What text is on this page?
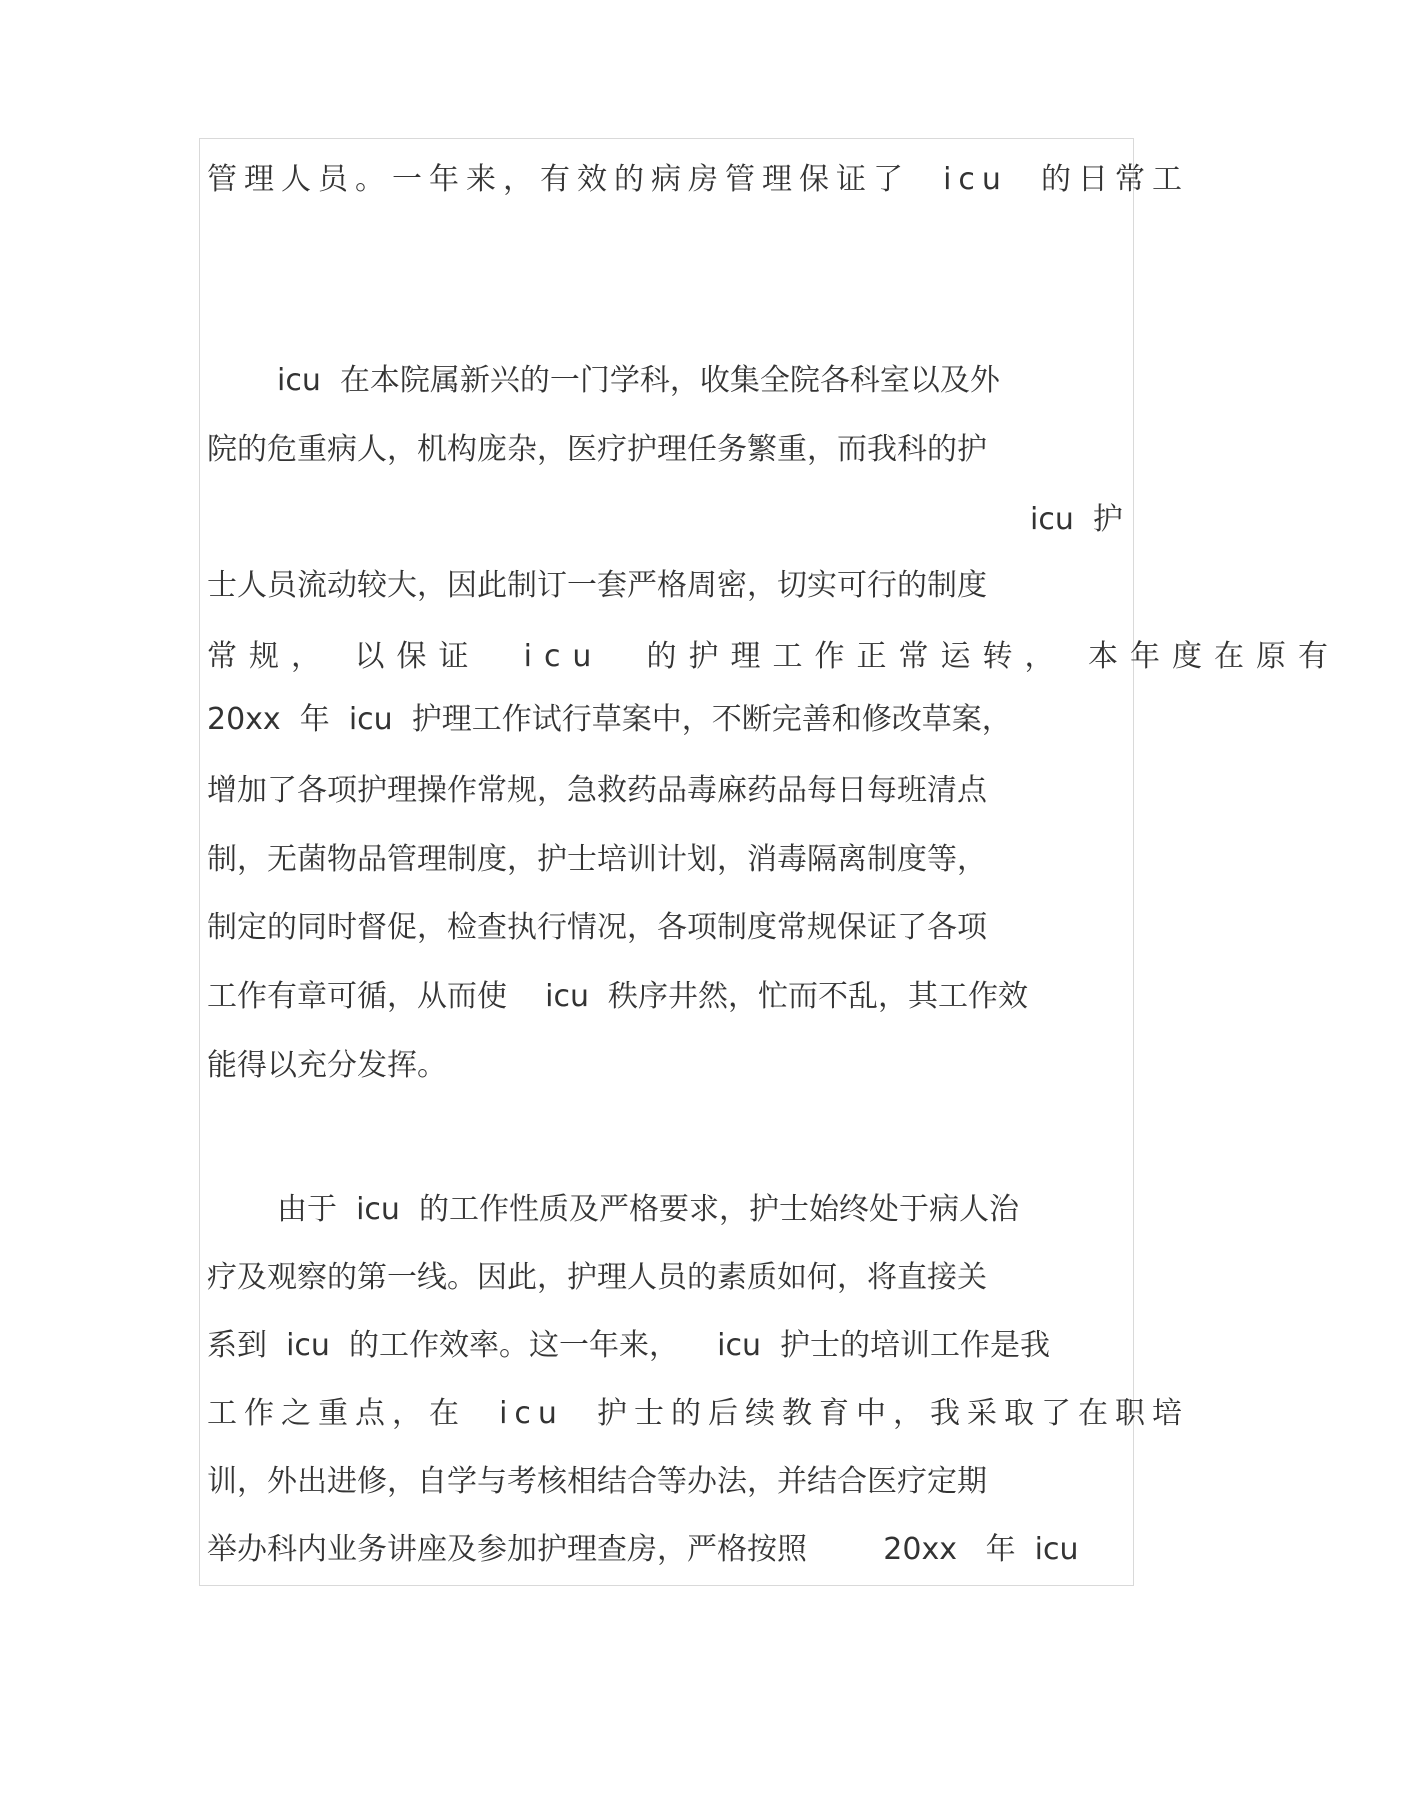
管理人员。一年来，有效的病房管理保证了  icu  的日常工
icu  在本院属新兴的一门学科，收集全院各科室以及外
院的危重病人，机构庞杂，医疗护理任务繁重，而我科的护
icu  护
士人员流动较大，因此制订一套严格周密，切实可行的制度
常规， 以保证  icu  的护理工作正常运转， 本年度在原有
20xx  年  icu  护理工作试行草案中，不断完善和修改草案，
增加了各项护理操作常规，急救药品毒麻药品每日每班清点
制，无菌物品管理制度，护士培训计划，消毒隔离制度等，
制定的同时督促，检查执行情况，各项制度常规保证了各项
工作有章可循，从而使    icu  秩序井然，忙而不乱，其工作效
能得以充分发挥。
由于  icu  的工作性质及严格要求，护士始终处于病人治
疗及观察的第一线。因此，护理人员的素质如何，将直接关
系到  icu  的工作效率。这一年来，    icu  护士的培训工作是我
工作之重点，在  icu  护士的后续教育中，我采取了在职培
训，外出进修，自学与考核相结合等办法，并结合医疗定期
举办科内业务讲座及参加护理查房，严格按照        20xx   年  icu
